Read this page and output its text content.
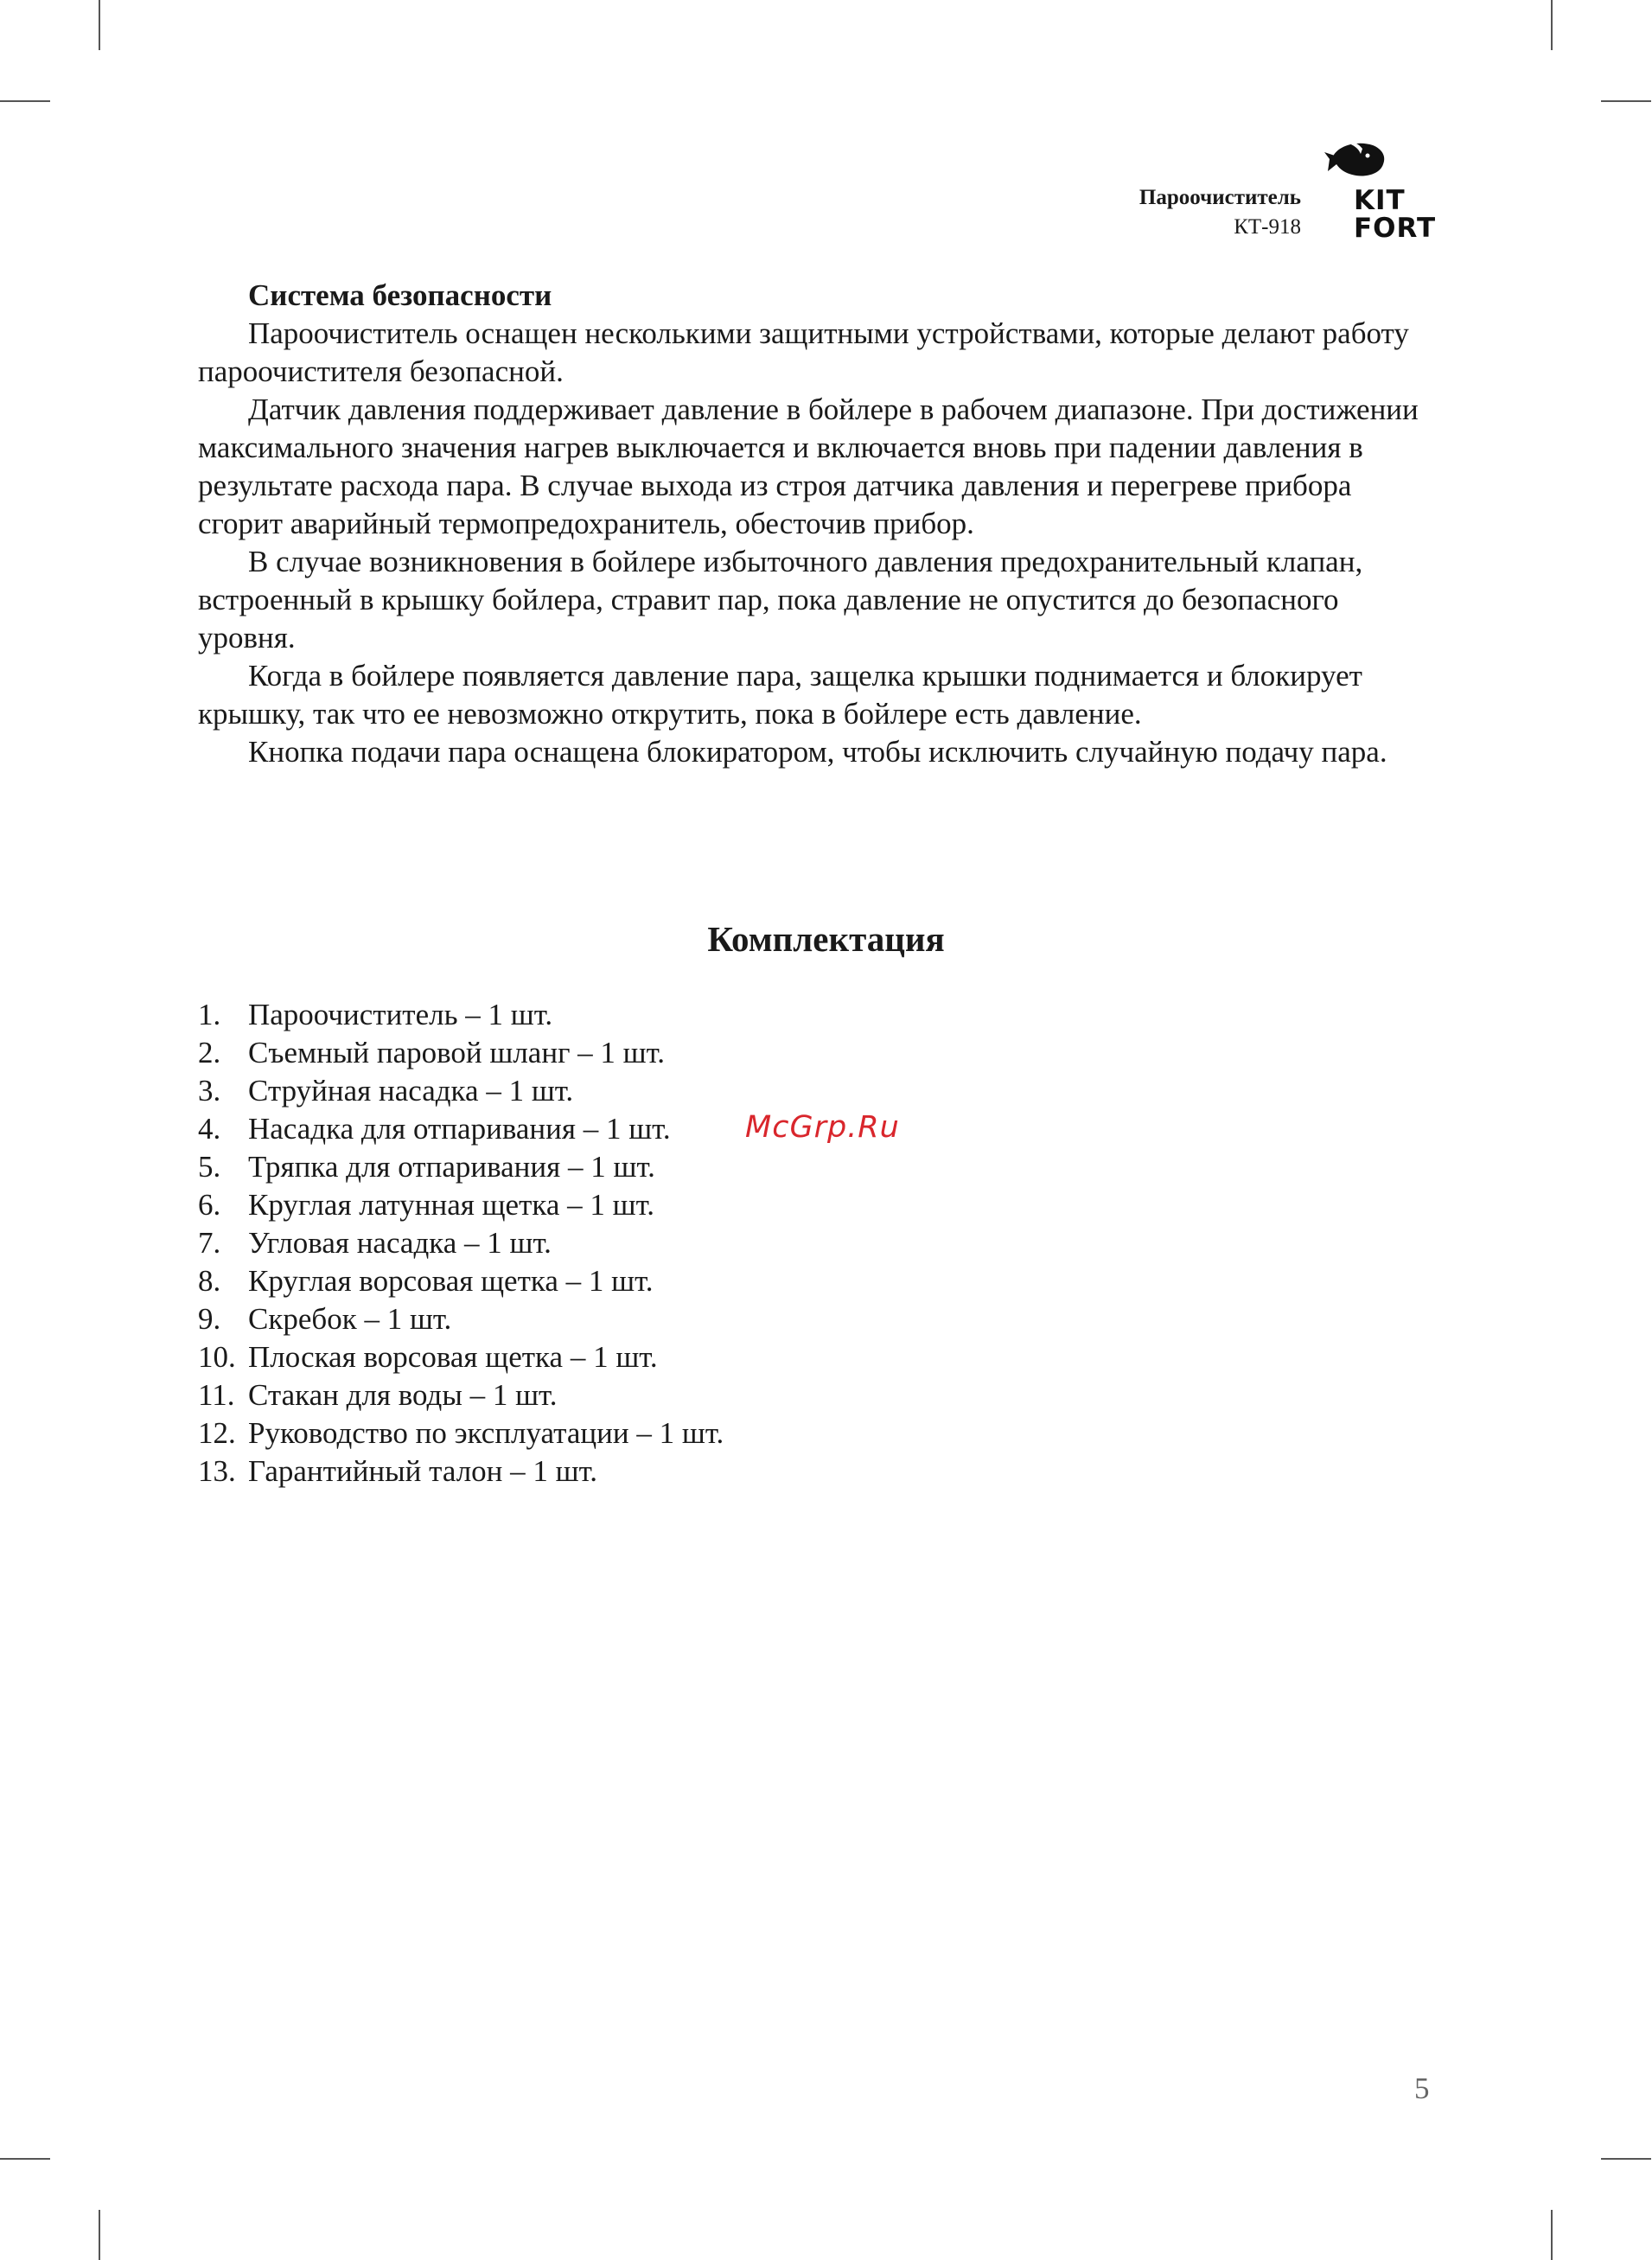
Пароочиститель
КТ-918
KIT
FORT

Система безопасности

Пароочиститель оснащен несколькими защитными устройствами, которые делают работу пароочистителя безопасной.

Датчик давления поддерживает давление в бойлере в рабочем диапазоне. При достижении максимального значения нагрев выключается и включается вновь при падении давления в результате расхода пара. В случае выхода из строя датчика давления и перегреве прибора сгорит аварийный термопредохранитель, обесточив прибор.

В случае возникновения в бойлере избыточного давления предохранительный клапан, встроенный в крышку бойлера, стравит пар, пока давление не опустится до безопасного уровня.

Когда в бойлере появляется давление пара, защелка крышки поднимается и блокирует крышку, так что ее невозможно открутить, пока в бойлере есть давление.

Кнопка подачи пара оснащена блокиратором, чтобы исключить случайную подачу пара.

Комплектация
1. Пароочиститель – 1 шт.
2. Съемный паровой шланг – 1 шт.
3. Струйная насадка – 1 шт.
4. Насадка для отпаривания – 1 шт.
5. Тряпка для отпаривания – 1 шт.
6. Круглая латунная щетка – 1 шт.
7. Угловая насадка – 1 шт.
8. Круглая ворсовая щетка – 1 шт.
9. Скребок – 1 шт.
10. Плоская ворсовая щетка – 1 шт.
11. Стакан для воды – 1 шт.
12. Руководство по эксплуатации – 1 шт.
13. Гарантийный талон – 1 шт.
McGrp.Ru
5
